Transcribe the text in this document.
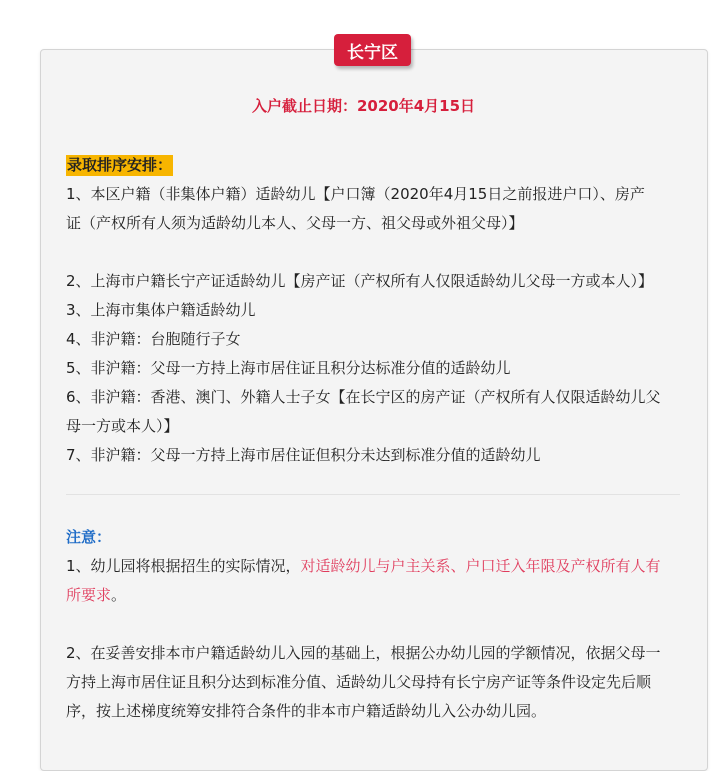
长宁区
入户截止日期：2020年4月15日
录取排序安排：
1、本区户籍（非集体户籍）适龄幼儿【户口簿（2020年4月15日之前报进户口）、房产
证（产权所有人须为适龄幼儿本人、父母一方、祖父母或外祖父母）】

2、上海市户籍长宁产证适龄幼儿【房产证（产权所有人仅限适龄幼儿父母一方或本人）】
3、上海市集体户籍适龄幼儿
4、非沪籍：台胞随行子女
5、非沪籍：父母一方持上海市居住证且积分达标准分值的适龄幼儿
6、非沪籍：香港、澳门、外籍人士子女【在长宁区的房产证（产权所有人仅限适龄幼儿父
母一方或本人）】
7、非沪籍：父母一方持上海市居住证但积分未达到标准分值的适龄幼儿
注意：
1、幼儿园将根据招生的实际情况，对适龄幼儿与户主关系、户口迁入年限及产权所有人有
所要求。

2、在妥善安排本市户籍适龄幼儿入园的基础上，根据公办幼儿园的学额情况，依据父母一
方持上海市居住证且积分达到标准分值、适龄幼儿父母持有长宁房产证等条件设定先后顺
序，按上述梯度统筹安排符合条件的非本市户籍适龄幼儿入公办幼儿园。
